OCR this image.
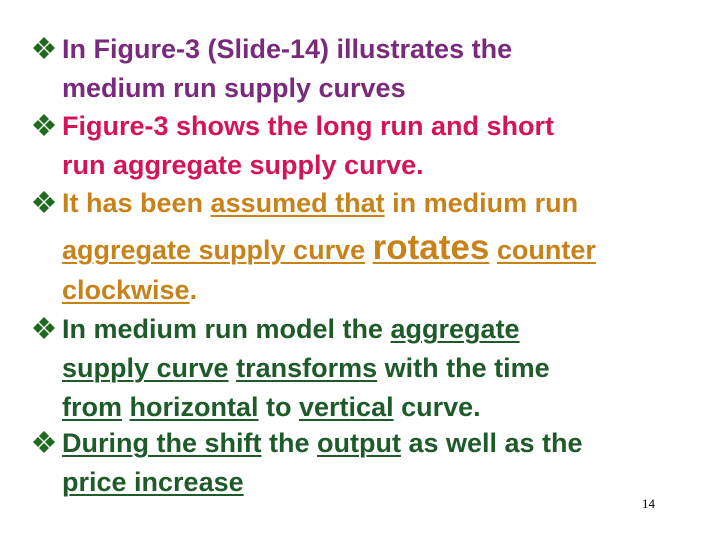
In Figure-3 (Slide-14) illustrates the
medium run supply curves
Figure-3 shows the long run and short
run aggregate supply curve.
It has been assumed that in medium run
aggregate supply curve rotates counter
clockwise.
In medium run model the aggregate
supply curve transforms with the time
from horizontal to vertical curve.
During the shift the output as well as the
price increase
14
